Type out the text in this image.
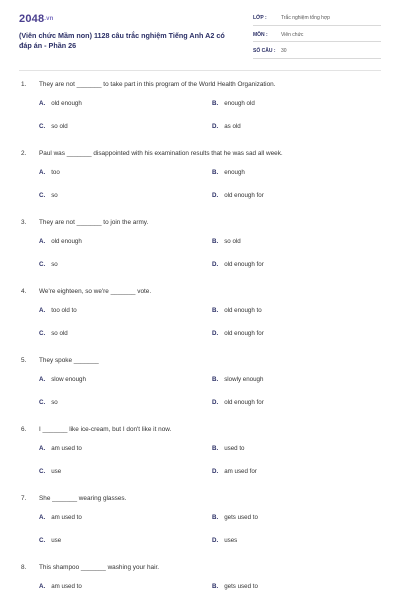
2048.vn
(Viên chức Mầm non) 1128 câu trắc nghiệm Tiếng Anh A2 có đáp án - Phần 26
LỚP :	Trắc nghiệm tổng hợp
MÔN :	Viên chức
SỐ CÂU : 30
1. They are not _______ to take part in this program of the World Health Organization.
A. old enough	B. enough old
C. so old	D. as old
2. Paul was _______ disappointed with his examination results that he was sad all week.
A. too	B. enough
C. so	D. old enough for
3. They are not _______ to join the army.
A. old enough	B. so old
C. so	D. old enough for
4. We're eighteen, so we're _______ vote.
A. too old to	B. old enough to
C. so old	D. old enough for
5. They spoke _______
A. slow enough	B. slowly enough
C. so	D. old enough for
6. I _______ like ice-cream, but I don't like it now.
A. am used to	B. used to
C. use	D. am used for
7. She _______ wearing glasses.
A. am used to	B. gets used to
C. use	D. uses
8. This shampoo _______ washing your hair.
A. am used to	B. gets used to
